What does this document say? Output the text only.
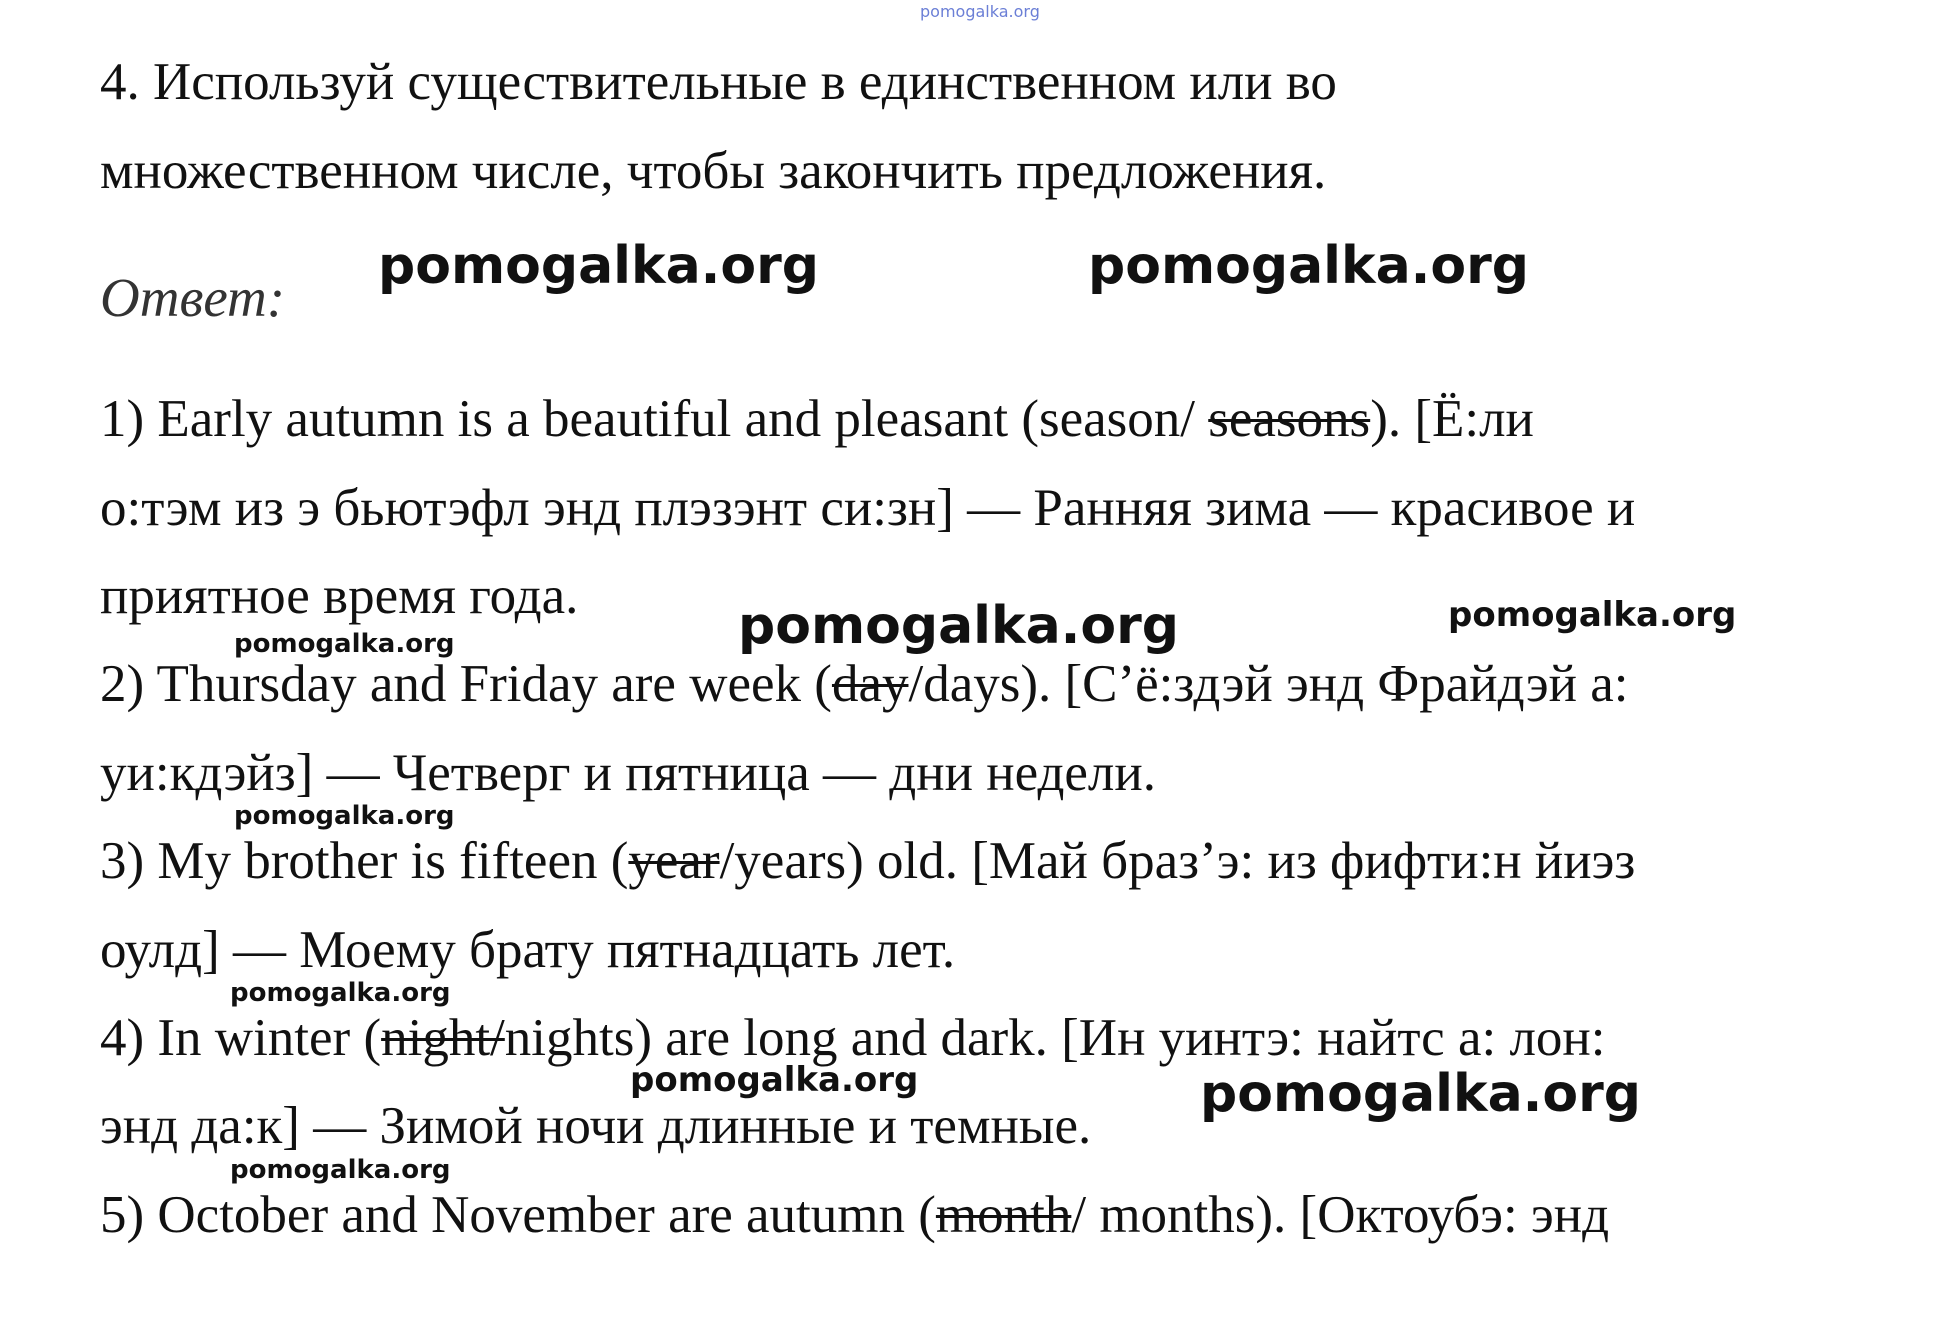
pomogalka.org
4. Используй существительные в единственном или во
множественном числе, чтобы закончить предложения.
Ответ:
1) Early autumn is a beautiful and pleasant (season/ seasons). [Ё:ли
о:тэм из э бьютэфл энд плэзэнт си:зн] — Ранняя зима — красивое и
приятное время года.
2) Thursday and Friday are week (day/days). [С’ё:здэй энд Фрайдэй а:
уи:кдэйз] — Четверг и пятница — дни недели.
3) My brother is fifteen (year/years) old. [Май браз’э: из фифти:н йиэз
оулд] — Моему брату пятнадцать лет.
4) In winter (night/nights) are long and dark. [Ин уинтэ: найтс а: лон:
энд да:к] — Зимой ночи длинные и темные.
5) October and November are autumn (month/ months). [Октоубэ: энд
pomogalka.org	pomogalka.org
pomogalka.org	pomogalka.org
pomogalka.org
pomogalka.org
pomogalka.org
pomogalka.org	pomogalka.org
pomogalka.org
